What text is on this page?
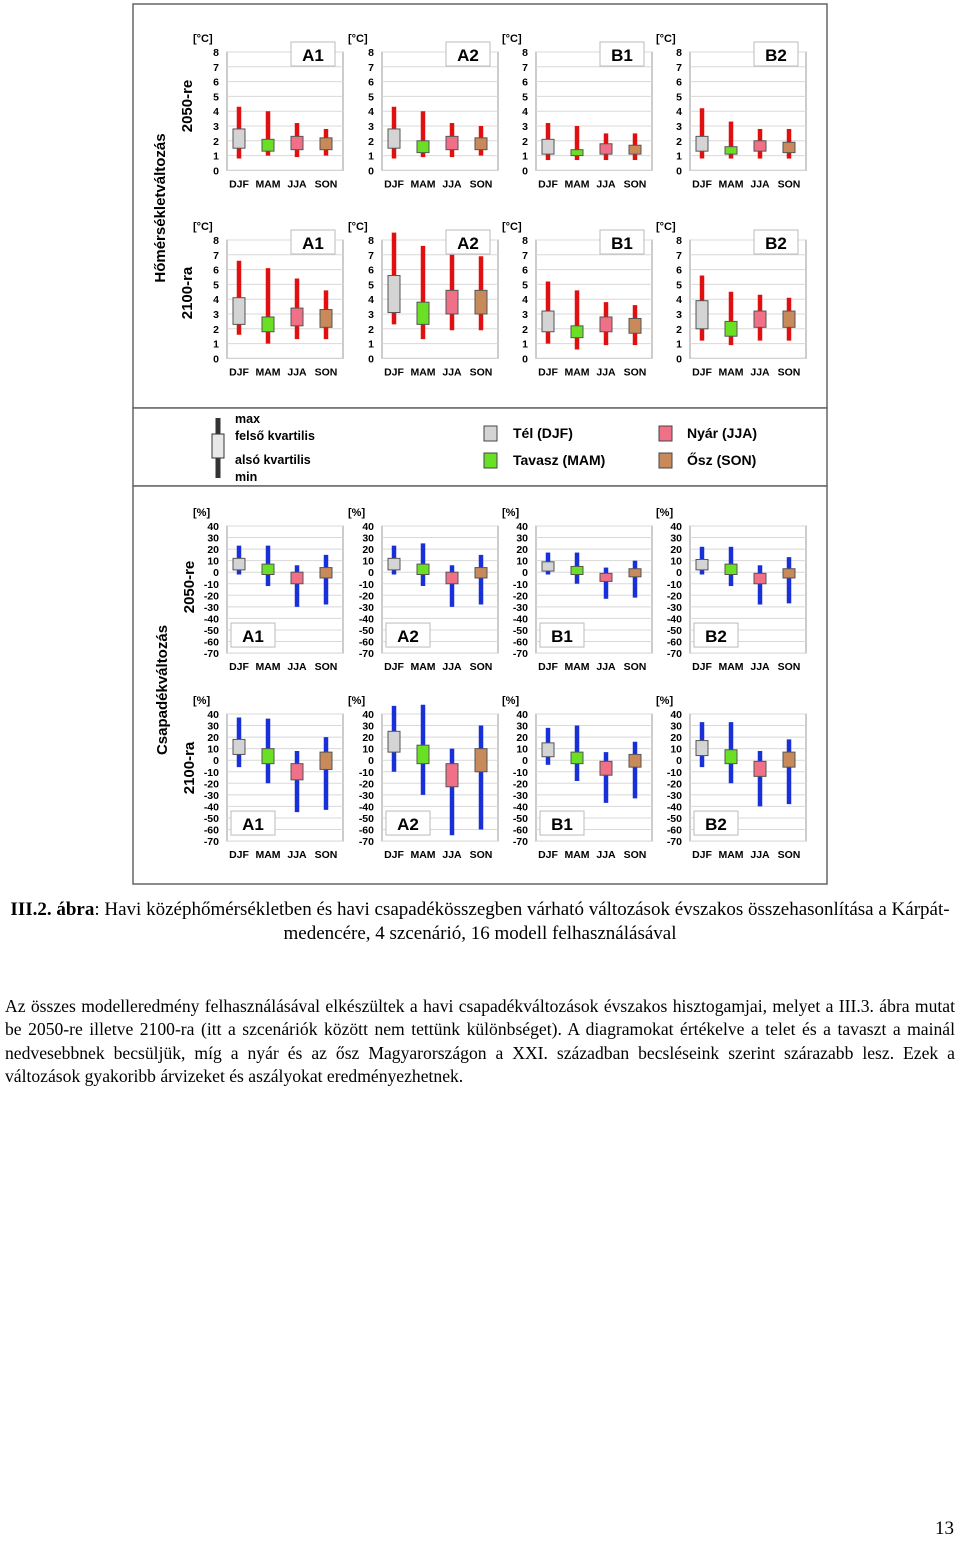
Hőmérsékletváltozás
2050-re
2100-ra
Csapadékváltozás
2050-re
2100-ra
max
felső kvartilis
alsó kvartilis
min
Tél (DJF)
Tavasz (MAM)
Nyár (JJA)
Ősz (SON)
[°C]
0
1
2
3
4
5
6
7
8	A1
DJF MAM JJA SON
[°C]
0
1
2
3
4
5
6
7
8	A2
DJF MAM JJA SON
[°C]
0
1
2
3
4
5
6
7
8	B1
DJF MAM JJA SON
[°C]
0
1
2
3
4
5
6
7
8	B2
DJF MAM JJA SON
[°C]
0
1
2
3
4
5
6
7
8	A1
DJF MAM JJA SON
[°C]
0
1
2
3
4
5
6
7
8	A2
DJF MAM JJA SON
[°C]
0
1
2
3
4
5
6
7
8	B1
DJF MAM JJA SON
[°C]
0
1
2
3
4
5
6
7
8	B2
DJF MAM JJA SON
[%]
40
30
20
10
0
-10
-20
-30
-40
-50
-60
-70
A1
DJF MAM JJA SON
[%]
40
30
20
10
0
-10
-20
-30
-40
-50
-60
-70
A2
DJF MAM JJA SON
[%]
40
30
20
10
0
-10
-20
-30
-40
-50
-60
-70
B1
DJF MAM JJA SON
[%]
40
30
20
10
0
-10
-20
-30
-40
-50
-60
-70
B2
DJF MAM JJA SON
[%]
40
30
20
10
0
-10
-20
-30
-40
-50
-60
-70
A1
DJF MAM JJA SON
[%]
40
30
20
10
0
-10
-20
-30
-40
-50
-60
-70
A2
DJF MAM JJA SON
[%]
40
30
20
10
0
-10
-20
-30
-40
-50
-60
-70
B1
DJF MAM JJA SON
[%]
40
30
20
10
0
-10
-20
-30
-40
-50
-60
-70
B2
DJF MAM JJA SON
III.2. ábra: Havi középhőmérsékletben és havi csapadékösszegben várható változások évszakos összehasonlítása a Kárpát-medencére, 4 szcenárió, 16 modell felhasználásával

Az összes modelleredmény felhasználásával elkészültek a havi csapadékváltozások évszakos hisztogamjai, melyet a III.3. ábra mutat be 2050-re illetve 2100-ra (itt a szcenáriók között nem tettünk különbséget). A diagramokat értékelve a telet és a tavaszt a mainál nedvesebbnek becsüljük, míg a nyár és az ősz Magyarországon a XXI. században becsléseink szerint szárazabb lesz. Ezek a változások gyakoribb árvizeket és aszályokat eredményezhetnek.

13
